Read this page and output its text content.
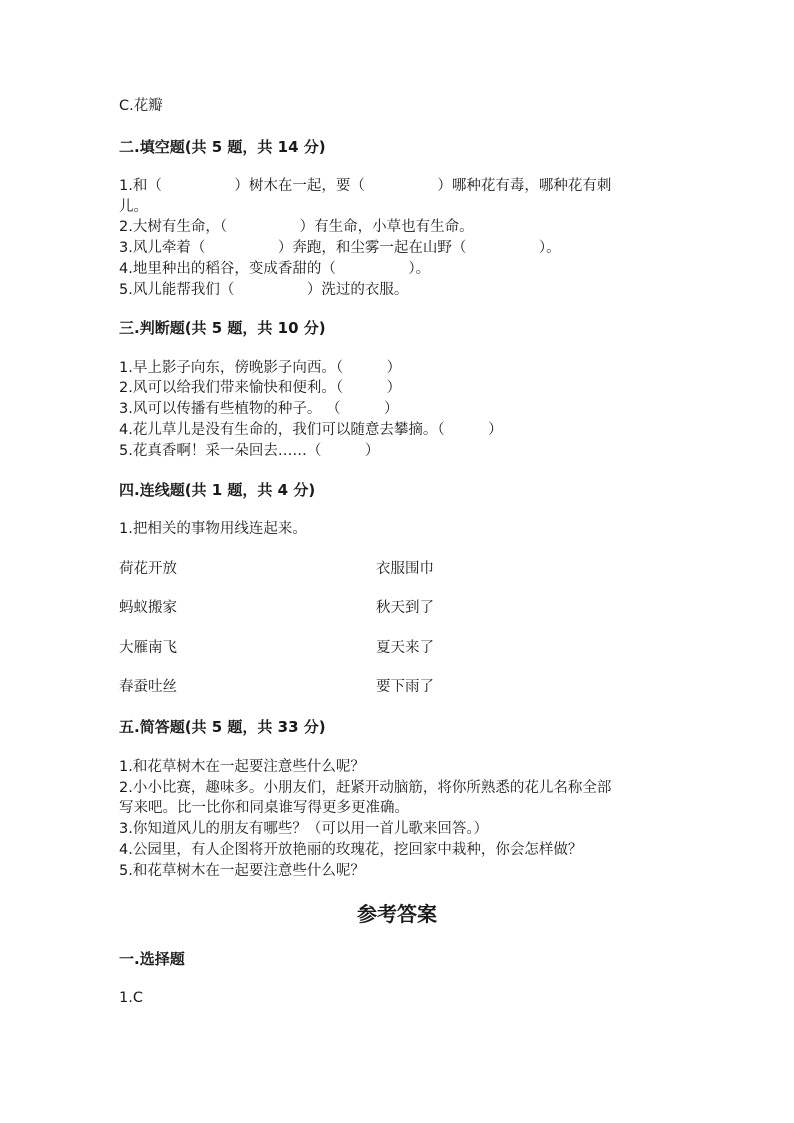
C.花瓣
二.填空题(共 5 题，共 14 分)
1.和（　　　　　）树木在一起，要（　　　　　）哪种花有毒，哪种花有刺
儿。
2.大树有生命，（　　　　　）有生命，小草也有生命。
3.风儿牵着（　　　　　）奔跑，和尘雾一起在山野（　　　　　）。
4.地里种出的稻谷，变成香甜的（　　　　　）。
5.风儿能帮我们（　　　　　）洗过的衣服。
三.判断题(共 5 题，共 10 分)
1.早上影子向东，傍晚影子向西。（　　　）
2.风可以给我们带来愉快和便利。（　　　）
3.风可以传播有些植物的种子。 （　　　）
4.花儿草儿是没有生命的，我们可以随意去攀摘。（　　　）
5.花真香啊！采一朵回去……（　　　）
四.连线题(共 1 题，共 4 分)
1.把相关的事物用线连起来。
荷花开放	衣服围巾
蚂蚁搬家	秋天到了
大雁南飞	夏天来了
春蚕吐丝	要下雨了
五.简答题(共 5 题，共 33 分)
1.和花草树木在一起要注意些什么呢？
2.小小比赛，趣味多。小朋友们，赶紧开动脑筋，将你所熟悉的花儿名称全部
写来吧。比一比你和同桌谁写得更多更准确。
3.你知道风儿的朋友有哪些？（可以用一首儿歌来回答。）
4.公园里，有人企图将开放艳丽的玫瑰花，挖回家中栽种，你会怎样做？
5.和花草树木在一起要注意些什么呢？
参考答案
一.选择题
1.C
